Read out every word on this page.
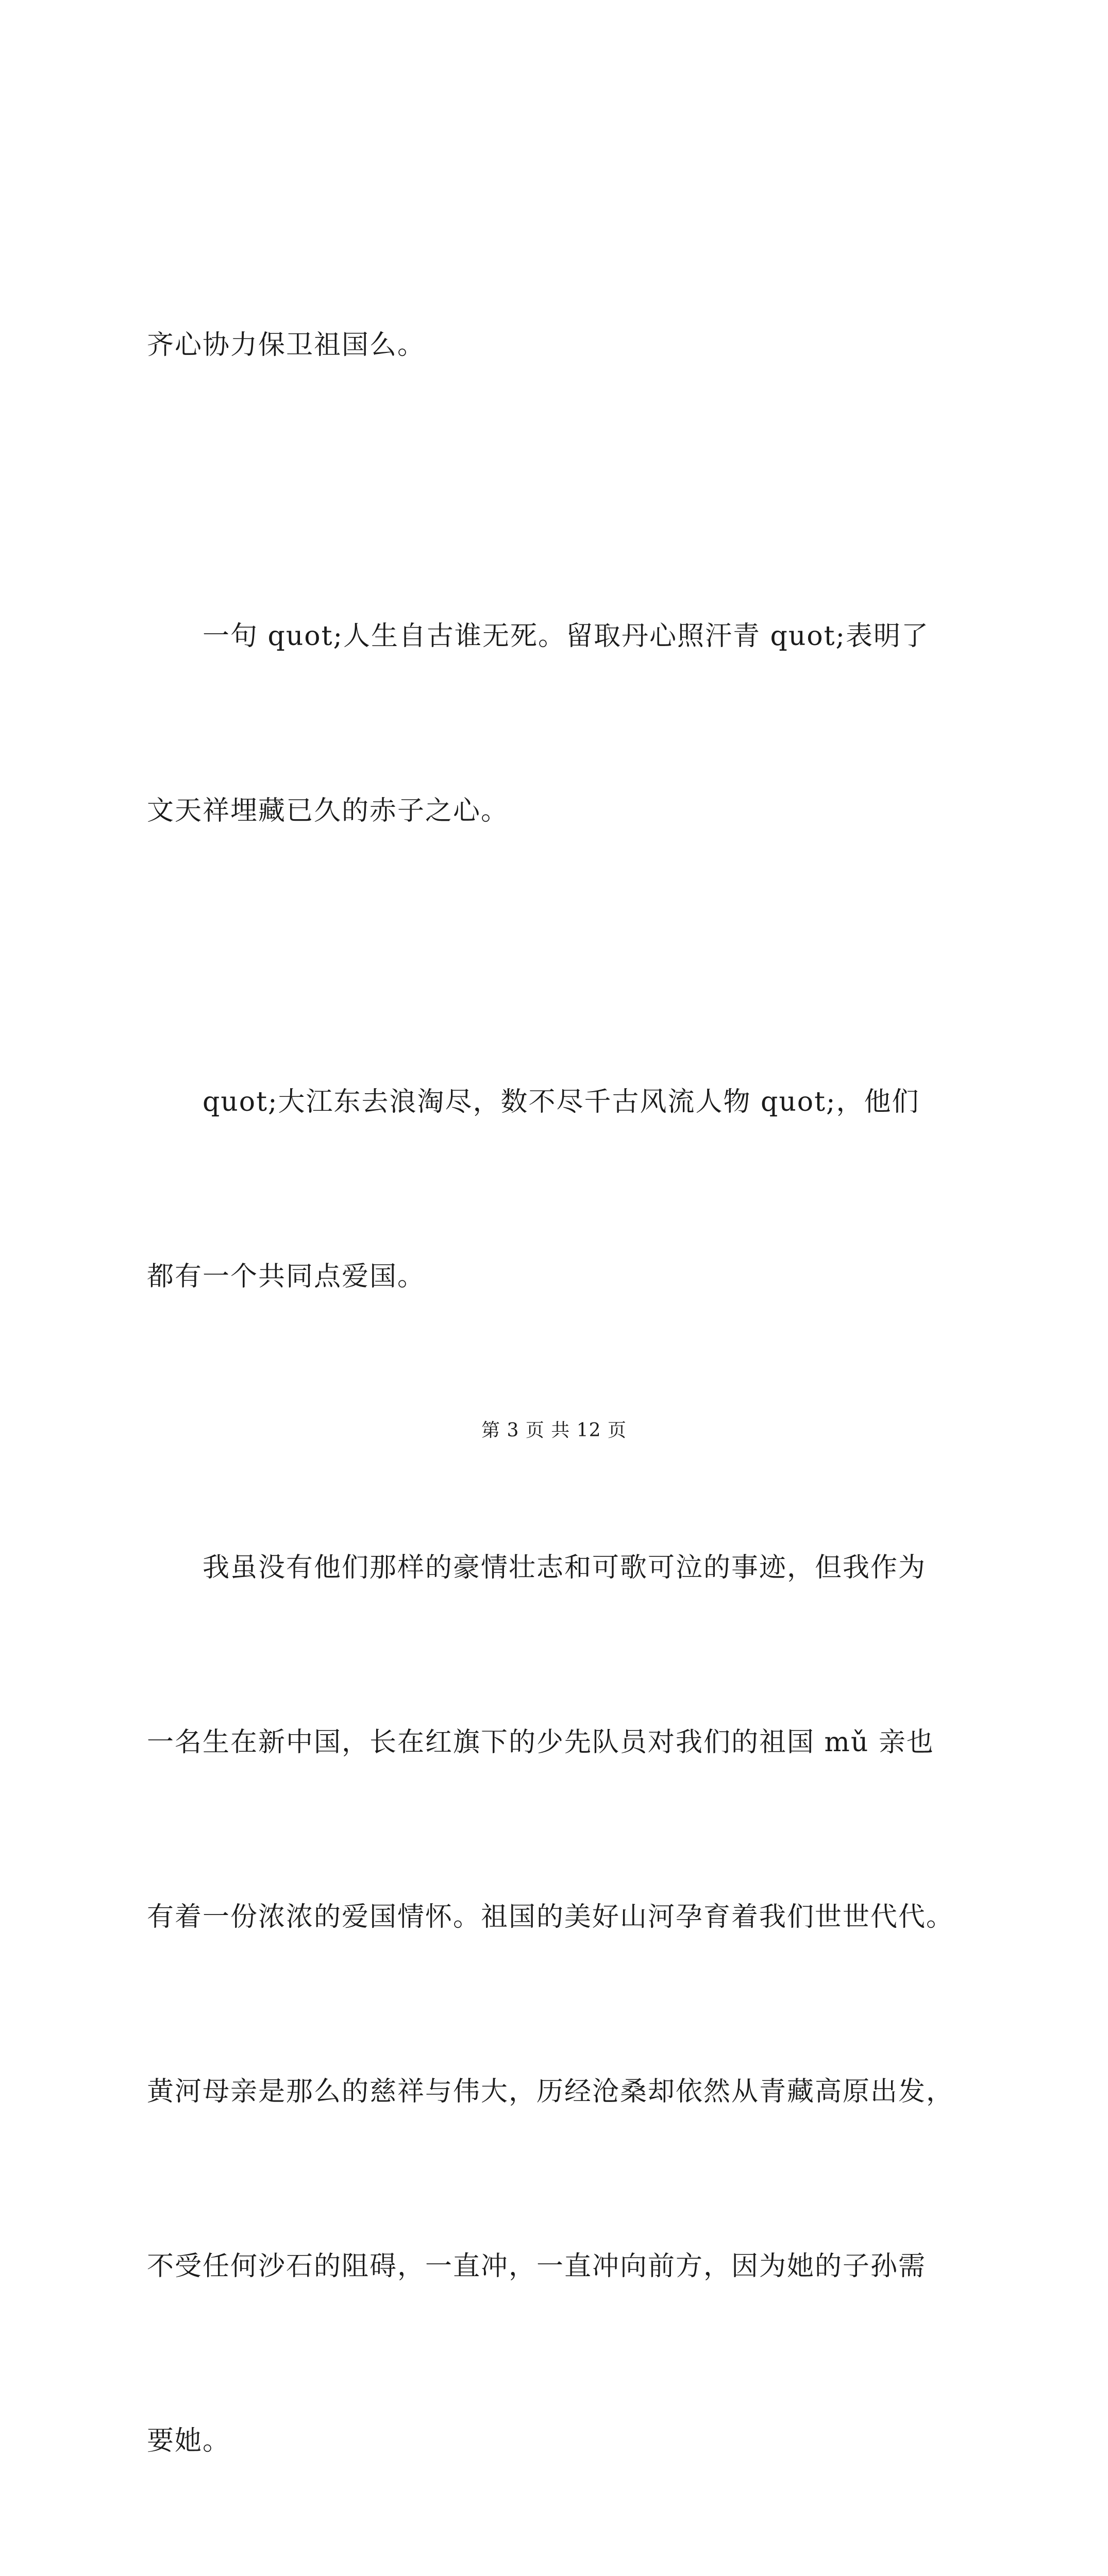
齐心协力保卫祖国么。

　　一句 quot;人生自古谁无死。留取丹心照汗青 quot;表明了

文天祥埋藏已久的赤子之心。

　　quot;大江东去浪淘尽，数不尽千古风流人物 quot;，他们

都有一个共同点爱国。

　　我虽没有他们那样的豪情壮志和可歌可泣的事迹，但我作为

一名生在新中国，长在红旗下的少先队员对我们的祖国 mǔ 亲也

有着一份浓浓的爱国情怀。祖国的美好山河孕育着我们世世代代。

黄河母亲是那么的慈祥与伟大，历经沧桑却依然从青藏高原出发，

不受任何沙石的阻碍，一直冲，一直冲向前方，因为她的子孙需

要她。

第 3 页 共 12 页
